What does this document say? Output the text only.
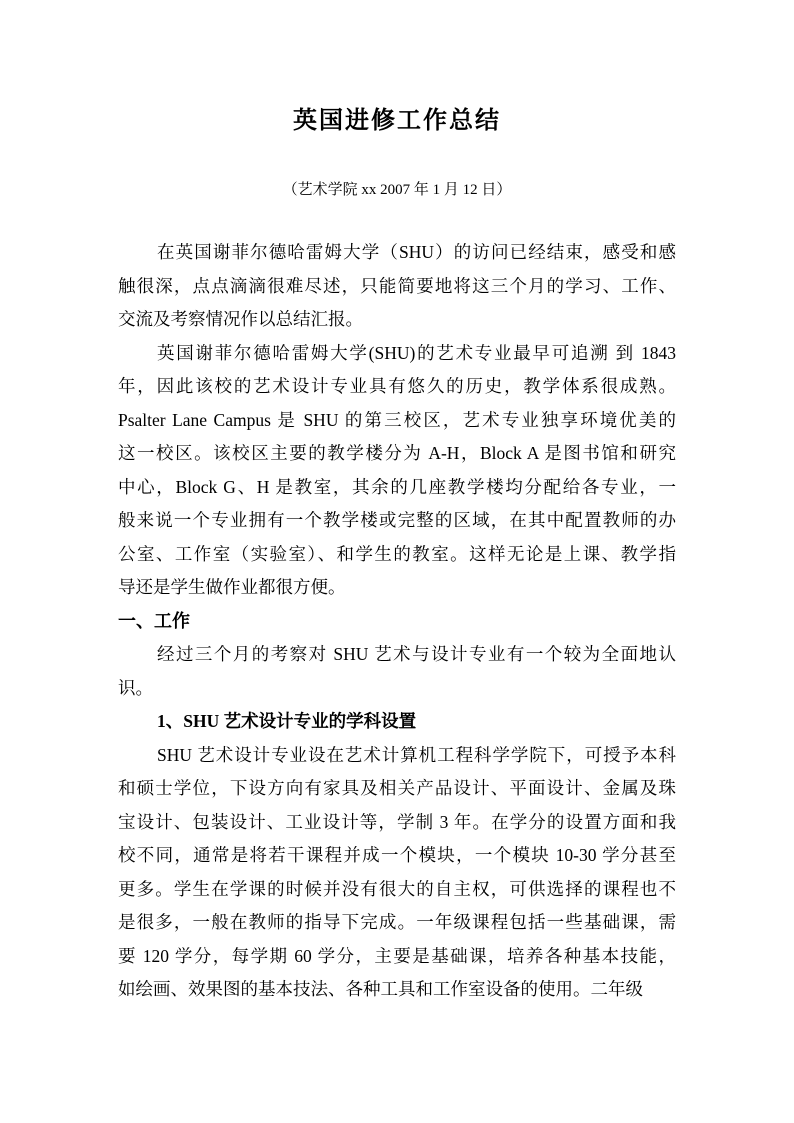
英国进修工作总结
（艺术学院 xx 2007 年 1 月 12 日）
在英国谢菲尔德哈雷姆大学（SHU）的访问已经结束，感受和感
触很深，点点滴滴很难尽述，只能简要地将这三个月的学习、工作、
交流及考察情况作以总结汇报。
英国谢菲尔德哈雷姆大学(SHU)的艺术专业最早可追溯 到 1843
年，因此该校的艺术设计专业具有悠久的历史，教学体系很成熟。
Psalter Lane Campus 是 SHU 的第三校区，艺术专业独享环境优美的
这一校区。该校区主要的教学楼分为 A-H，Block A 是图书馆和研究
中心，Block G、H 是教室，其余的几座教学楼均分配给各专业，一
般来说一个专业拥有一个教学楼或完整的区域，在其中配置教师的办
公室、工作室（实验室）、和学生的教室。这样无论是上课、教学指
导还是学生做作业都很方便。
一、工作
经过三个月的考察对 SHU 艺术与设计专业有一个较为全面地认
识。
1、SHU 艺术设计专业的学科设置
SHU 艺术设计专业设在艺术计算机工程科学学院下，可授予本科
和硕士学位，下设方向有家具及相关产品设计、平面设计、金属及珠
宝设计、包装设计、工业设计等，学制 3 年。在学分的设置方面和我
校不同，通常是将若干课程并成一个模块，一个模块 10-30 学分甚至
更多。学生在学课的时候并没有很大的自主权，可供选择的课程也不
是很多，一般在教师的指导下完成。一年级课程包括一些基础课，需
要 120 学分，每学期 60 学分，主要是基础课，培养各种基本技能，
如绘画、效果图的基本技法、各种工具和工作室设备的使用。二年级
